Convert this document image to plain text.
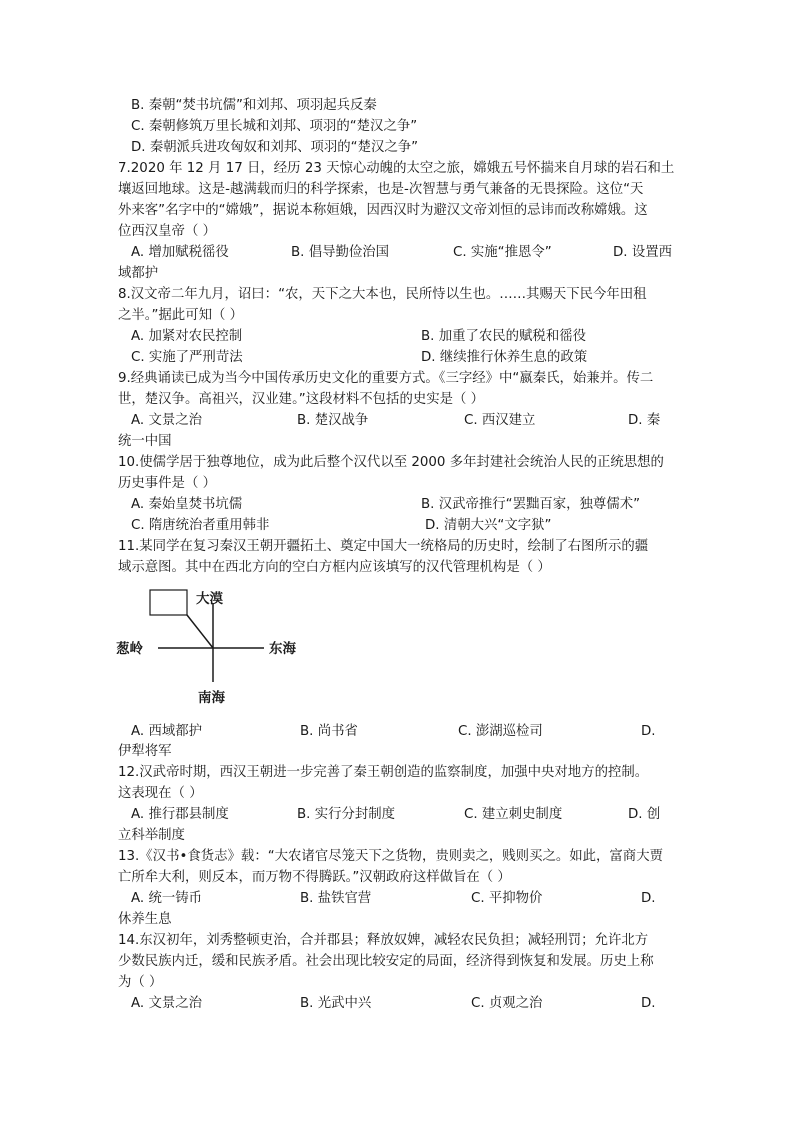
B. 秦朝“焚书坑儒”和刘邦、项羽起兵反秦
C. 秦朝修筑万里长城和刘邦、项羽的“楚汉之争”
D. 秦朝派兵进攻匈奴和刘邦、项羽的“楚汉之争”
7.2020 年 12 月 17 日，经历 23 天惊心动魄的太空之旅，嫦娥五号怀揣来自月球的岩石和土
壤返回地球。这是-越满载而归的科学探索，也是-次智慧与勇气兼备的无畏探险。这位“天
外来客”名字中的“嫦娥”，据说本称姮娥，因西汉时为避汉文帝刘恒的忌讳而改称嫦娥。这
位西汉皇帝（ ）
A. 增加赋税徭役	B. 倡导勤俭治国	C. 实施“推恩令”	D. 设置西
域都护
8.汉文帝二年九月，诏曰：“农，天下之大本也，民所恃以生也。……其赐天下民今年田租
之半。”据此可知（ ）
A. 加紧对农民控制	B. 加重了农民的赋税和徭役
C. 实施了严刑苛法	D. 继续推行休养生息的政策
9.经典诵读已成为当今中国传承历史文化的重要方式。《三字经》中“嬴秦氏，始兼并。传二
世，楚汉争。高祖兴，汉业建。”这段材料不包括的史实是（ ）
A. 文景之治	B. 楚汉战争	C. 西汉建立	D. 秦
统一中国
10.使儒学居于独尊地位，成为此后整个汉代以至 2000 多年封建社会统治人民的正统思想的
历史事件是（ ）
A. 秦始皇焚书坑儒	B. 汉武帝推行“罢黜百家，独尊儒术”
C. 隋唐统治者重用韩非	D. 清朝大兴“文字狱”
11.某同学在复习秦汉王朝开疆拓土、奠定中国大一统格局的历史时，绘制了右图所示的疆
域示意图。其中在西北方向的空白方框内应该填写的汉代管理机构是（ ）
大漠
葱岭	东海
南海
A. 西域都护	B. 尚书省	C. 澎湖巡检司	D.
伊犁将军
12.汉武帝时期，西汉王朝进一步完善了秦王朝创造的监察制度，加强中央对地方的控制。
这表现在（ ）
A. 推行郡县制度	B. 实行分封制度	C. 建立刺史制度	D. 创
立科举制度
13.《汉书•食货志》载：“大农诸官尽笼天下之货物，贵则卖之，贱则买之。如此，富商大贾
亡所牟大利，则反本，而万物不得腾跃。”汉朝政府这样做旨在（ ）
A. 统一铸币	B. 盐铁官营	C. 平抑物价	D.
休养生息
14.东汉初年，刘秀整顿吏治，合并郡县；释放奴婢，减轻农民负担；减轻刑罚；允许北方
少数民族内迁，缓和民族矛盾。社会出现比较安定的局面，经济得到恢复和发展。历史上称
为（ ）
A. 文景之治	B. 光武中兴	C. 贞观之治	D.
